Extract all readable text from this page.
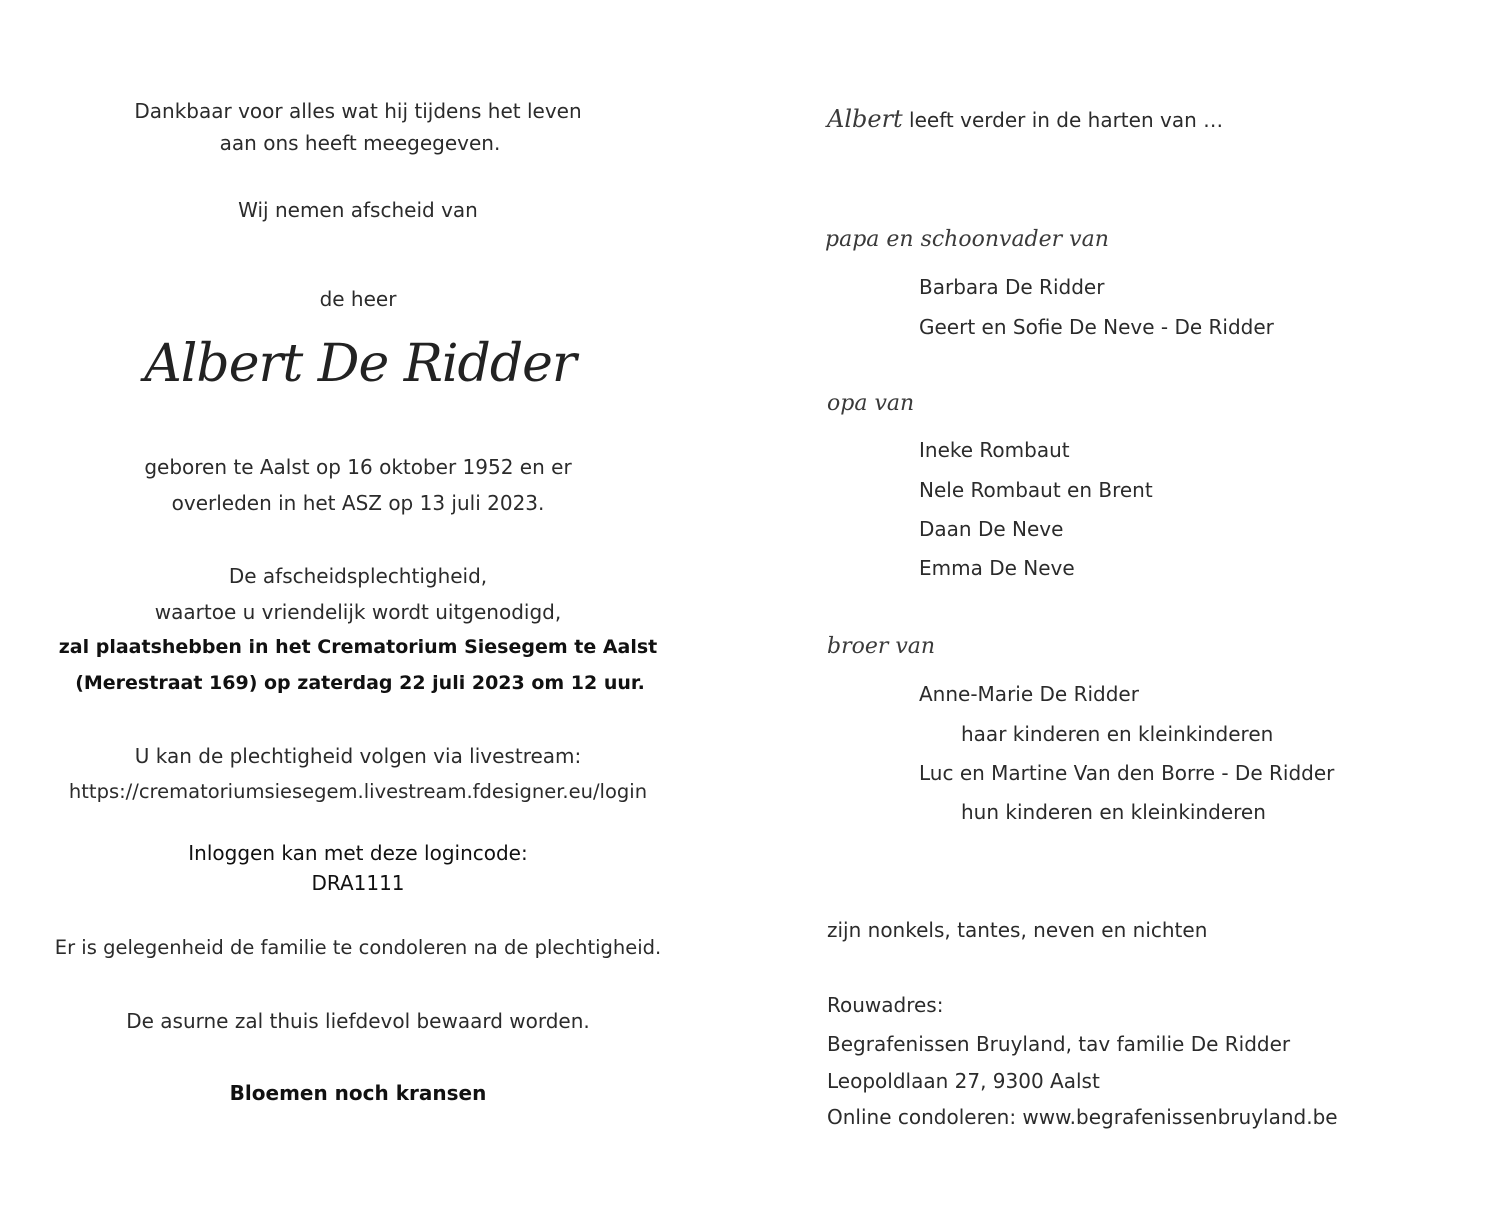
Dankbaar voor alles wat hij tijdens het leven
aan ons heeft meegegeven.
Wij nemen afscheid van
de heer
Albert De Ridder
geboren te Aalst op 16 oktober 1952 en er
overleden in het ASZ op 13 juli 2023.
De afscheidsplechtigheid,
waartoe u vriendelijk wordt uitgenodigd,
zal plaatshebben in het Crematorium Siesegem te Aalst
(Merestraat 169) op zaterdag 22 juli 2023 om 12 uur.
U kan de plechtigheid volgen via livestream:
https://crematoriumsiesegem.livestream.fdesigner.eu/login
Inloggen kan met deze logincode:
DRA1111
Er is gelegenheid de familie te condoleren na de plechtigheid.
De asurne zal thuis liefdevol bewaard worden.
Bloemen noch kransen
Albert leeft verder in de harten van …
papa en schoonvader van
Barbara De Ridder
Geert en Sofie De Neve - De Ridder
opa van
Ineke Rombaut
Nele Rombaut en Brent
Daan De Neve
Emma De Neve
broer van
Anne-Marie De Ridder
haar kinderen en kleinkinderen
Luc en Martine Van den Borre - De Ridder
hun kinderen en kleinkinderen
zijn nonkels, tantes, neven en nichten
Rouwadres:
Begrafenissen Bruyland, tav familie De Ridder
Leopoldlaan 27, 9300 Aalst
Online condoleren: www.begrafenissenbruyland.be
